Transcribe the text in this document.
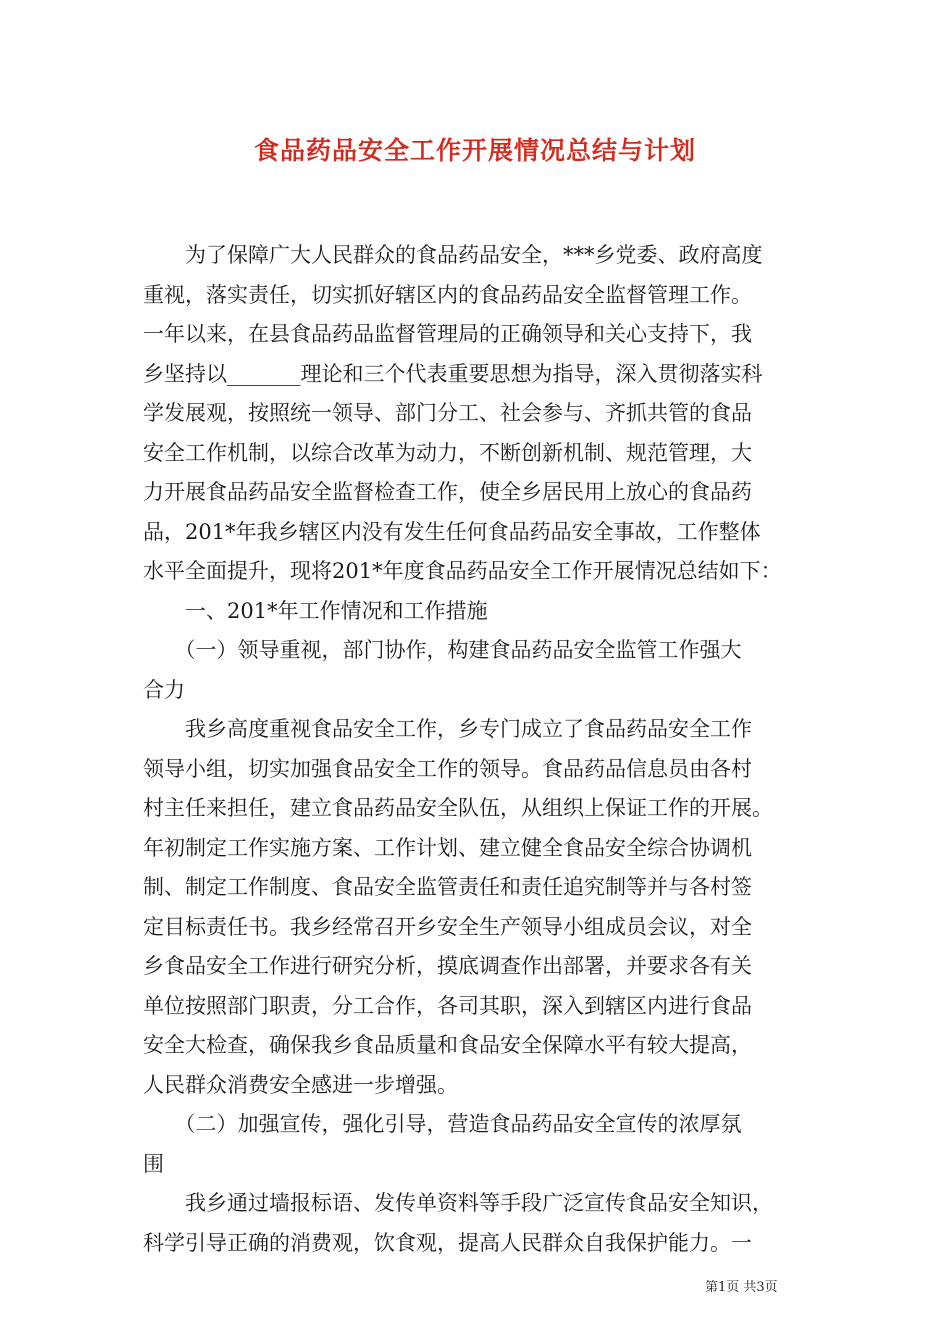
食品药品安全工作开展情况总结与计划
　　为了保障广大人民群众的食品药品安全，***乡党委、政府高度
重视，落实责任，切实抓好辖区内的食品药品安全监督管理工作。
一年以来，在县食品药品监督管理局的正确领导和关心支持下，我
乡坚持以_______理论和三个代表重要思想为指导，深入贯彻落实科
学发展观，按照统一领导、部门分工、社会参与、齐抓共管的食品
安全工作机制，以综合改革为动力，不断创新机制、规范管理，大
力开展食品药品安全监督检查工作，使全乡居民用上放心的食品药
品，201*年我乡辖区内没有发生任何食品药品安全事故，工作整体
水平全面提升，现将201*年度食品药品安全工作开展情况总结如下：
　　一、201*年工作情况和工作措施
　　（一）领导重视，部门协作，构建食品药品安全监管工作强大
合力
　　我乡高度重视食品安全工作，乡专门成立了食品药品安全工作
领导小组，切实加强食品安全工作的领导。食品药品信息员由各村
村主任来担任，建立食品药品安全队伍，从组织上保证工作的开展。
年初制定工作实施方案、工作计划、建立健全食品安全综合协调机
制、制定工作制度、食品安全监管责任和责任追究制等并与各村签
定目标责任书。我乡经常召开乡安全生产领导小组成员会议，对全
乡食品安全工作进行研究分析，摸底调查作出部署，并要求各有关
单位按照部门职责，分工合作，各司其职，深入到辖区内进行食品
安全大检查，确保我乡食品质量和食品安全保障水平有较大提高，
人民群众消费安全感进一步增强。
　　（二）加强宣传，强化引导，营造食品药品安全宣传的浓厚氛
围
　　我乡通过墙报标语、发传单资料等手段广泛宣传食品安全知识，
科学引导正确的消费观，饮食观，提高人民群众自我保护能力。一
第1页 共3页
